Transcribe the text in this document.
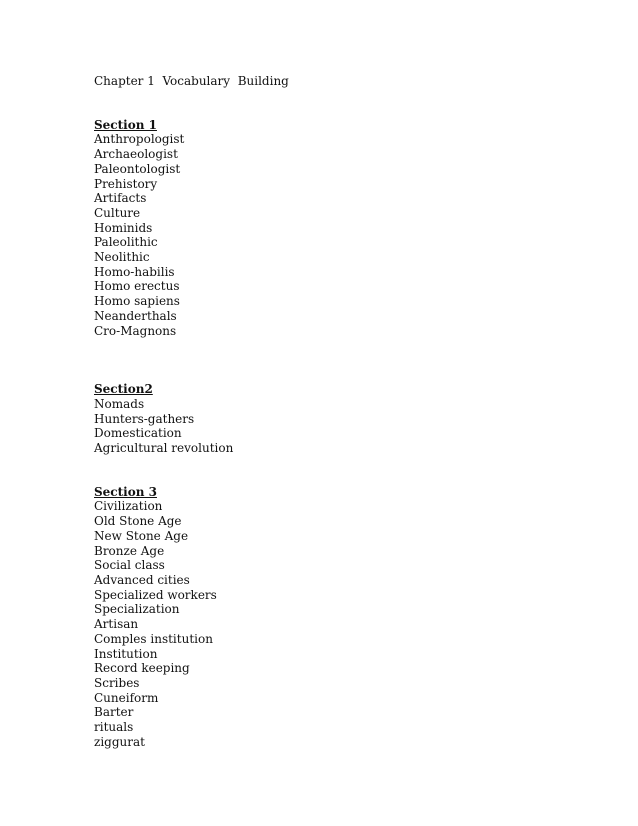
Chapter 1  Vocabulary  Building
Section 1
Anthropologist
Archaeologist
Paleontologist
Prehistory
Artifacts
Culture
Hominids
Paleolithic
Neolithic
Homo-habilis
Homo erectus
Homo sapiens
Neanderthals
Cro-Magnons
Section2
Nomads
Hunters-gathers
Domestication
Agricultural revolution
Section 3
Civilization
Old Stone Age
New Stone Age
Bronze Age
Social class
Advanced cities
Specialized workers
Specialization
Artisan
Comples institution
Institution
Record keeping
Scribes
Cuneiform
Barter
rituals
ziggurat
